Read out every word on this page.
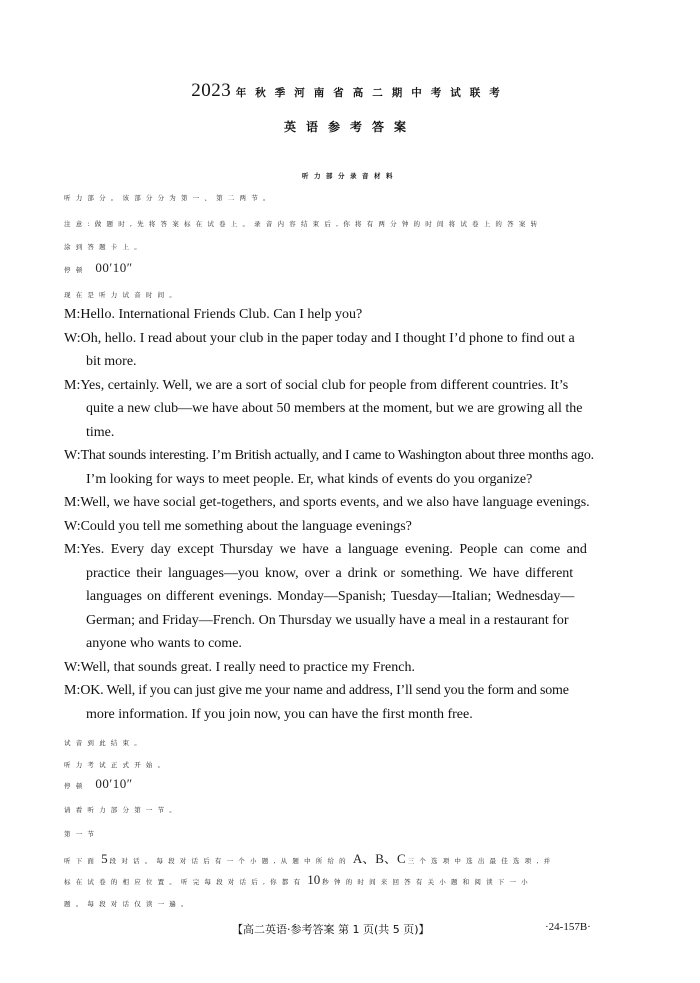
2023 年秋季河南省高二期中考试联考
英语参考答案
听力部分录音材料
听力部分。该部分分为第一、第二两节。
注意:做题时,先将答案标在试卷上。录音内容结束后,你将有两分钟的时间将试卷上的答案转
涂到答题卡上。
停顿 00′10″
现在是听力试音时间。
M:Hello. International Friends Club. Can I help you?
W:Oh, hello. I read about your club in the paper today and I thought I’d phone to find out a
bit more.
M:Yes, certainly. Well, we are a sort of social club for people from different countries. It’s
quite a new club—we have about 50 members at the moment, but we are growing all the
time.
W:That sounds interesting. I’m British actually, and I came to Washington about three months ago.
I’m looking for ways to meet people. Er, what kinds of events do you organize?
M:Well, we have social get-togethers, and sports events, and we also have language evenings.
W:Could you tell me something about the language evenings?
M:Yes. Every day except Thursday we have a language evening. People can come and
practice their languages—you know, over a drink or something. We have different
languages on different evenings. Monday—Spanish; Tuesday—Italian; Wednesday—
German; and Friday—French. On Thursday we usually have a meal in a restaurant for
anyone who wants to come.
W:Well, that sounds great. I really need to practice my French.
M:OK. Well, if you can just give me your name and address, I’ll send you the form and some
more information. If you join now, you can have the first month free.
试音到此结束。
听力考试正式开始。
停顿 00′10″
请看听力部分第一节。
第一节
听下面 5 段对话。每段对话后有一个小题,从题中所给的 A、B、C 三个选项中选出最佳选项,并
标在试卷的相应位置。听完每段对话后,你都有 10 秒钟的时间来回答有关小题和阅读下一小
题。每段对话仅读一遍。
【高二英语·参考答案 第 1 页(共 5 页)】	·24-157B·
